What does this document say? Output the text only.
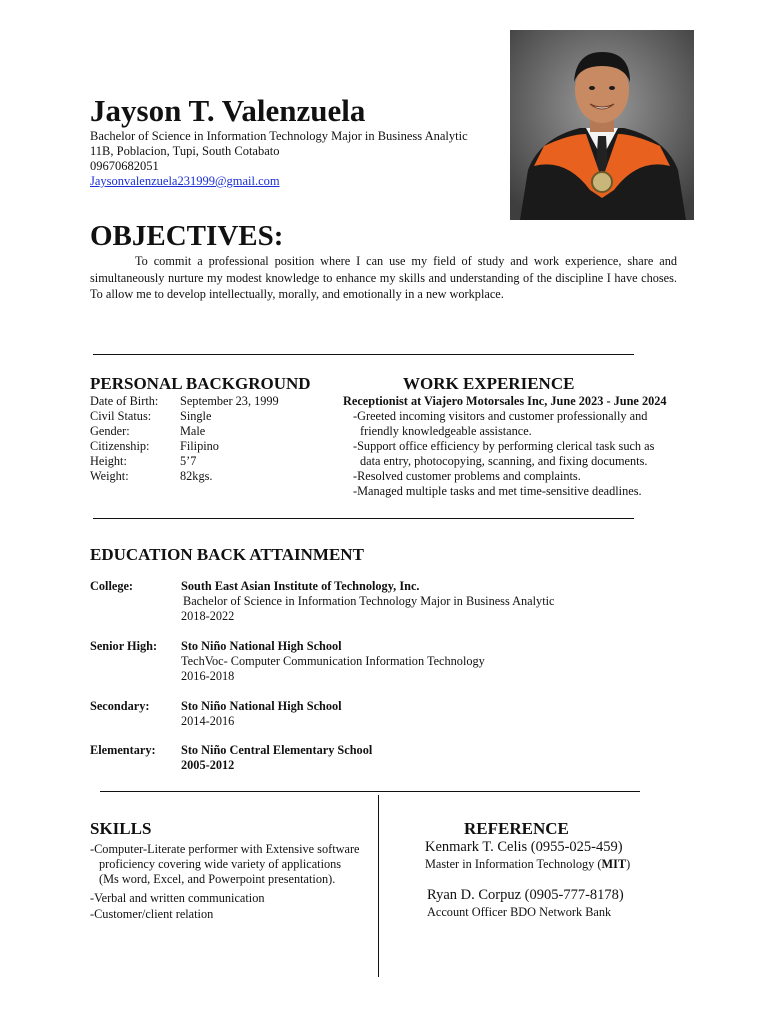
Jayson T. Valenzuela
Bachelor of Science in Information Technology Major in Business Analytic
11B, Poblacion, Tupi, South Cotabato
09670682051
Jaysonvalenzuela231999@gmail.com
OBJECTIVES:
To commit a professional position where I can use my field of study and work experience, share and simultaneously nurture my modest knowledge to enhance my skills and understanding of the discipline I have choses. To allow me to develop intellectually, morally, and emotionally in a new workplace.
PERSONAL BACKGROUND
Date of Birth:	September 23, 1999
Civil Status:	Single
Gender:	Male
Citizenship:	Filipino
Height:	5’7
Weight:	82kgs.
WORK EXPERIENCE
Receptionist at Viajero Motorsales Inc, June 2023 - June 2024
-Greeted incoming visitors and customer professionally and
friendly knowledgeable assistance.
-Support office efficiency by performing clerical task such as
data entry, photocopying, scanning, and fixing documents.
-Resolved customer problems and complaints.
-Managed multiple tasks and met time-sensitive deadlines.
EDUCATION BACK ATTAINMENT
College:	South East Asian Institute of Technology, Inc.
Bachelor of Science in Information Technology Major in Business Analytic
2018-2022
Senior High: Sto Niño National High School
TechVoc- Computer Communication Information Technology
2016-2018
Secondary:	Sto Niño National High School
2014-2016
Elementary: Sto Niño Central Elementary School
2005-2012
SKILLS
-Computer-Literate performer with Extensive software
proficiency covering wide variety of applications
(Ms word, Excel, and Powerpoint presentation).
-Verbal and written communication
-Customer/client relation
REFERENCE
Kenmark T. Celis (0955-025-459)
Master in Information Technology (MIT)
Ryan D. Corpuz (0905-777-8178)
Account Officer BDO Network Bank
